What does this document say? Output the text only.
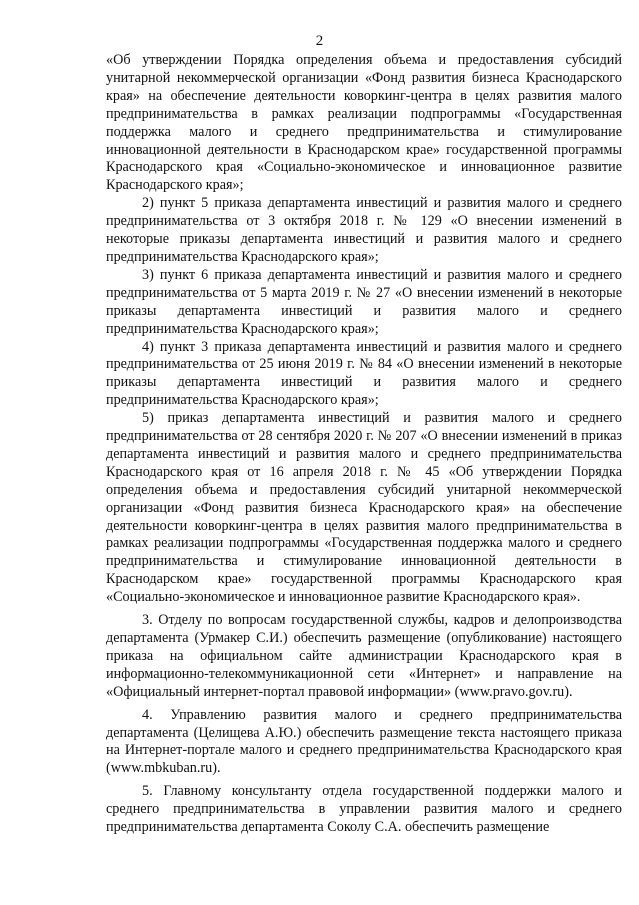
2

«Об утверждении Порядка определения объема и предоставления субсидий унитарной некоммерческой организации «Фонд развития бизнеса Краснодарского края» на обеспечение деятельности коворкинг-центра в целях развития малого предпринимательства в рамках реализации подпрограммы «Государственная поддержка малого и среднего предпринимательства и стимулирование инновационной деятельности в Краснодарском крае» государственной программы Краснодарского края «Социально-экономическое и инновационное развитие Краснодарского края»;

2) пункт 5 приказа департамента инвестиций и развития малого и среднего предпринимательства от 3 октября 2018 г. № 129 «О внесении изменений в некоторые приказы департамента инвестиций и развития малого и среднего предпринимательства Краснодарского края»;

3) пункт 6 приказа департамента инвестиций и развития малого и среднего предпринимательства от 5 марта 2019 г. № 27 «О внесении изменений в некоторые приказы департамента инвестиций и развития малого и среднего предпринимательства Краснодарского края»;

4) пункт 3 приказа департамента инвестиций и развития малого и среднего предпринимательства от 25 июня 2019 г. № 84 «О внесении изменений в некоторые приказы департамента инвестиций и развития малого и среднего предпринимательства Краснодарского края»;

5) приказ департамента инвестиций и развития малого и среднего предпринимательства от 28 сентября 2020 г. № 207 «О внесении изменений в приказ департамента инвестиций и развития малого и среднего предпринимательства Краснодарского края от 16 апреля 2018 г. № 45 «Об утверждении Порядка определения объема и предоставления субсидий унитарной некоммерческой организации «Фонд развития бизнеса Краснодарского края» на обеспечение деятельности коворкинг-центра в целях развития малого предпринимательства в рамках реализации подпрограммы «Государственная поддержка малого и среднего предпринимательства и стимулирование инновационной деятельности в Краснодарском крае» государственной программы Краснодарского края «Социально-экономическое и инновационное развитие Краснодарского края».

3. Отделу по вопросам государственной службы, кадров и делопроизводства департамента (Урмакер С.И.) обеспечить размещение (опубликование) настоящего приказа на официальном сайте администрации Краснодарского края в информационно-телекоммуникационной сети «Интернет» и направление на «Официальный интернет-портал правовой информации» (www.pravo.gov.ru).

4. Управлению развития малого и среднего предпринимательства департамента (Целищева А.Ю.) обеспечить размещение текста настоящего приказа на Интернет-портале малого и среднего предпринимательства Краснодарского края (www.mbkuban.ru).

5. Главному консультанту отдела государственной поддержки малого и среднего предпринимательства в управлении развития малого и среднего предпринимательства департамента Соколу С.А. обеспечить размещение
